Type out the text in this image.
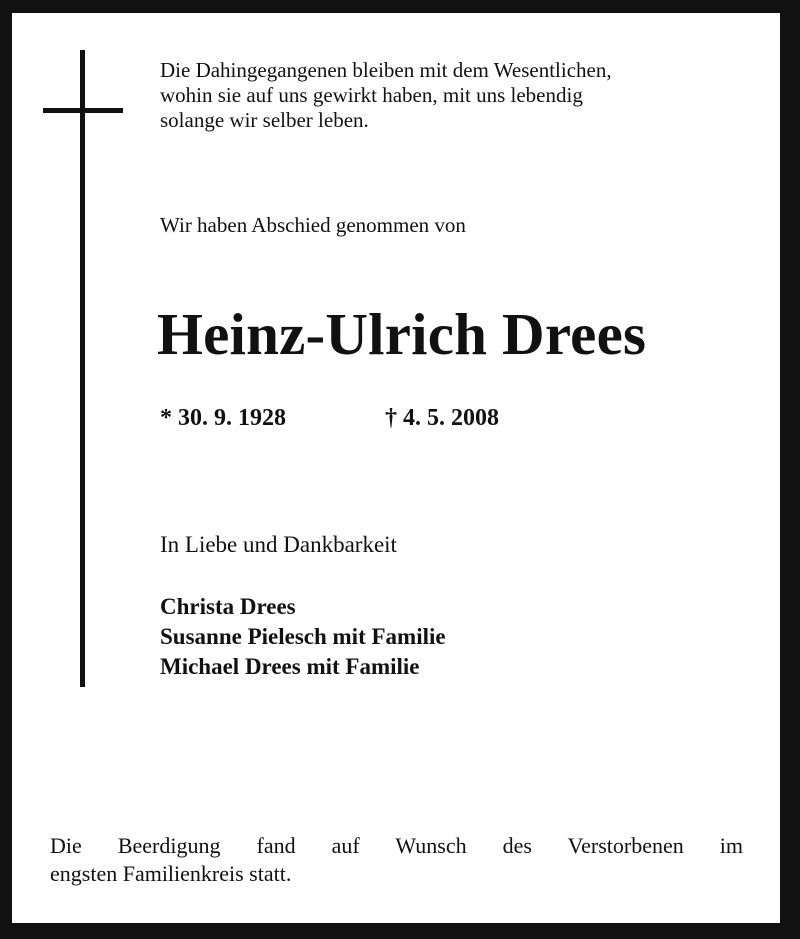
Die Dahingegangenen bleiben mit dem Wesentlichen,
wohin sie auf uns gewirkt haben, mit uns lebendig
solange wir selber leben.
Wir haben Abschied genommen von
Heinz-Ulrich Drees
* 30. 9. 1928	† 4. 5. 2008
In Liebe und Dankbarkeit
Christa Drees
Susanne Pielesch mit Familie
Michael Drees mit Familie
Die Beerdigung fand auf Wunsch des Verstorbenen im
engsten Familienkreis statt.
